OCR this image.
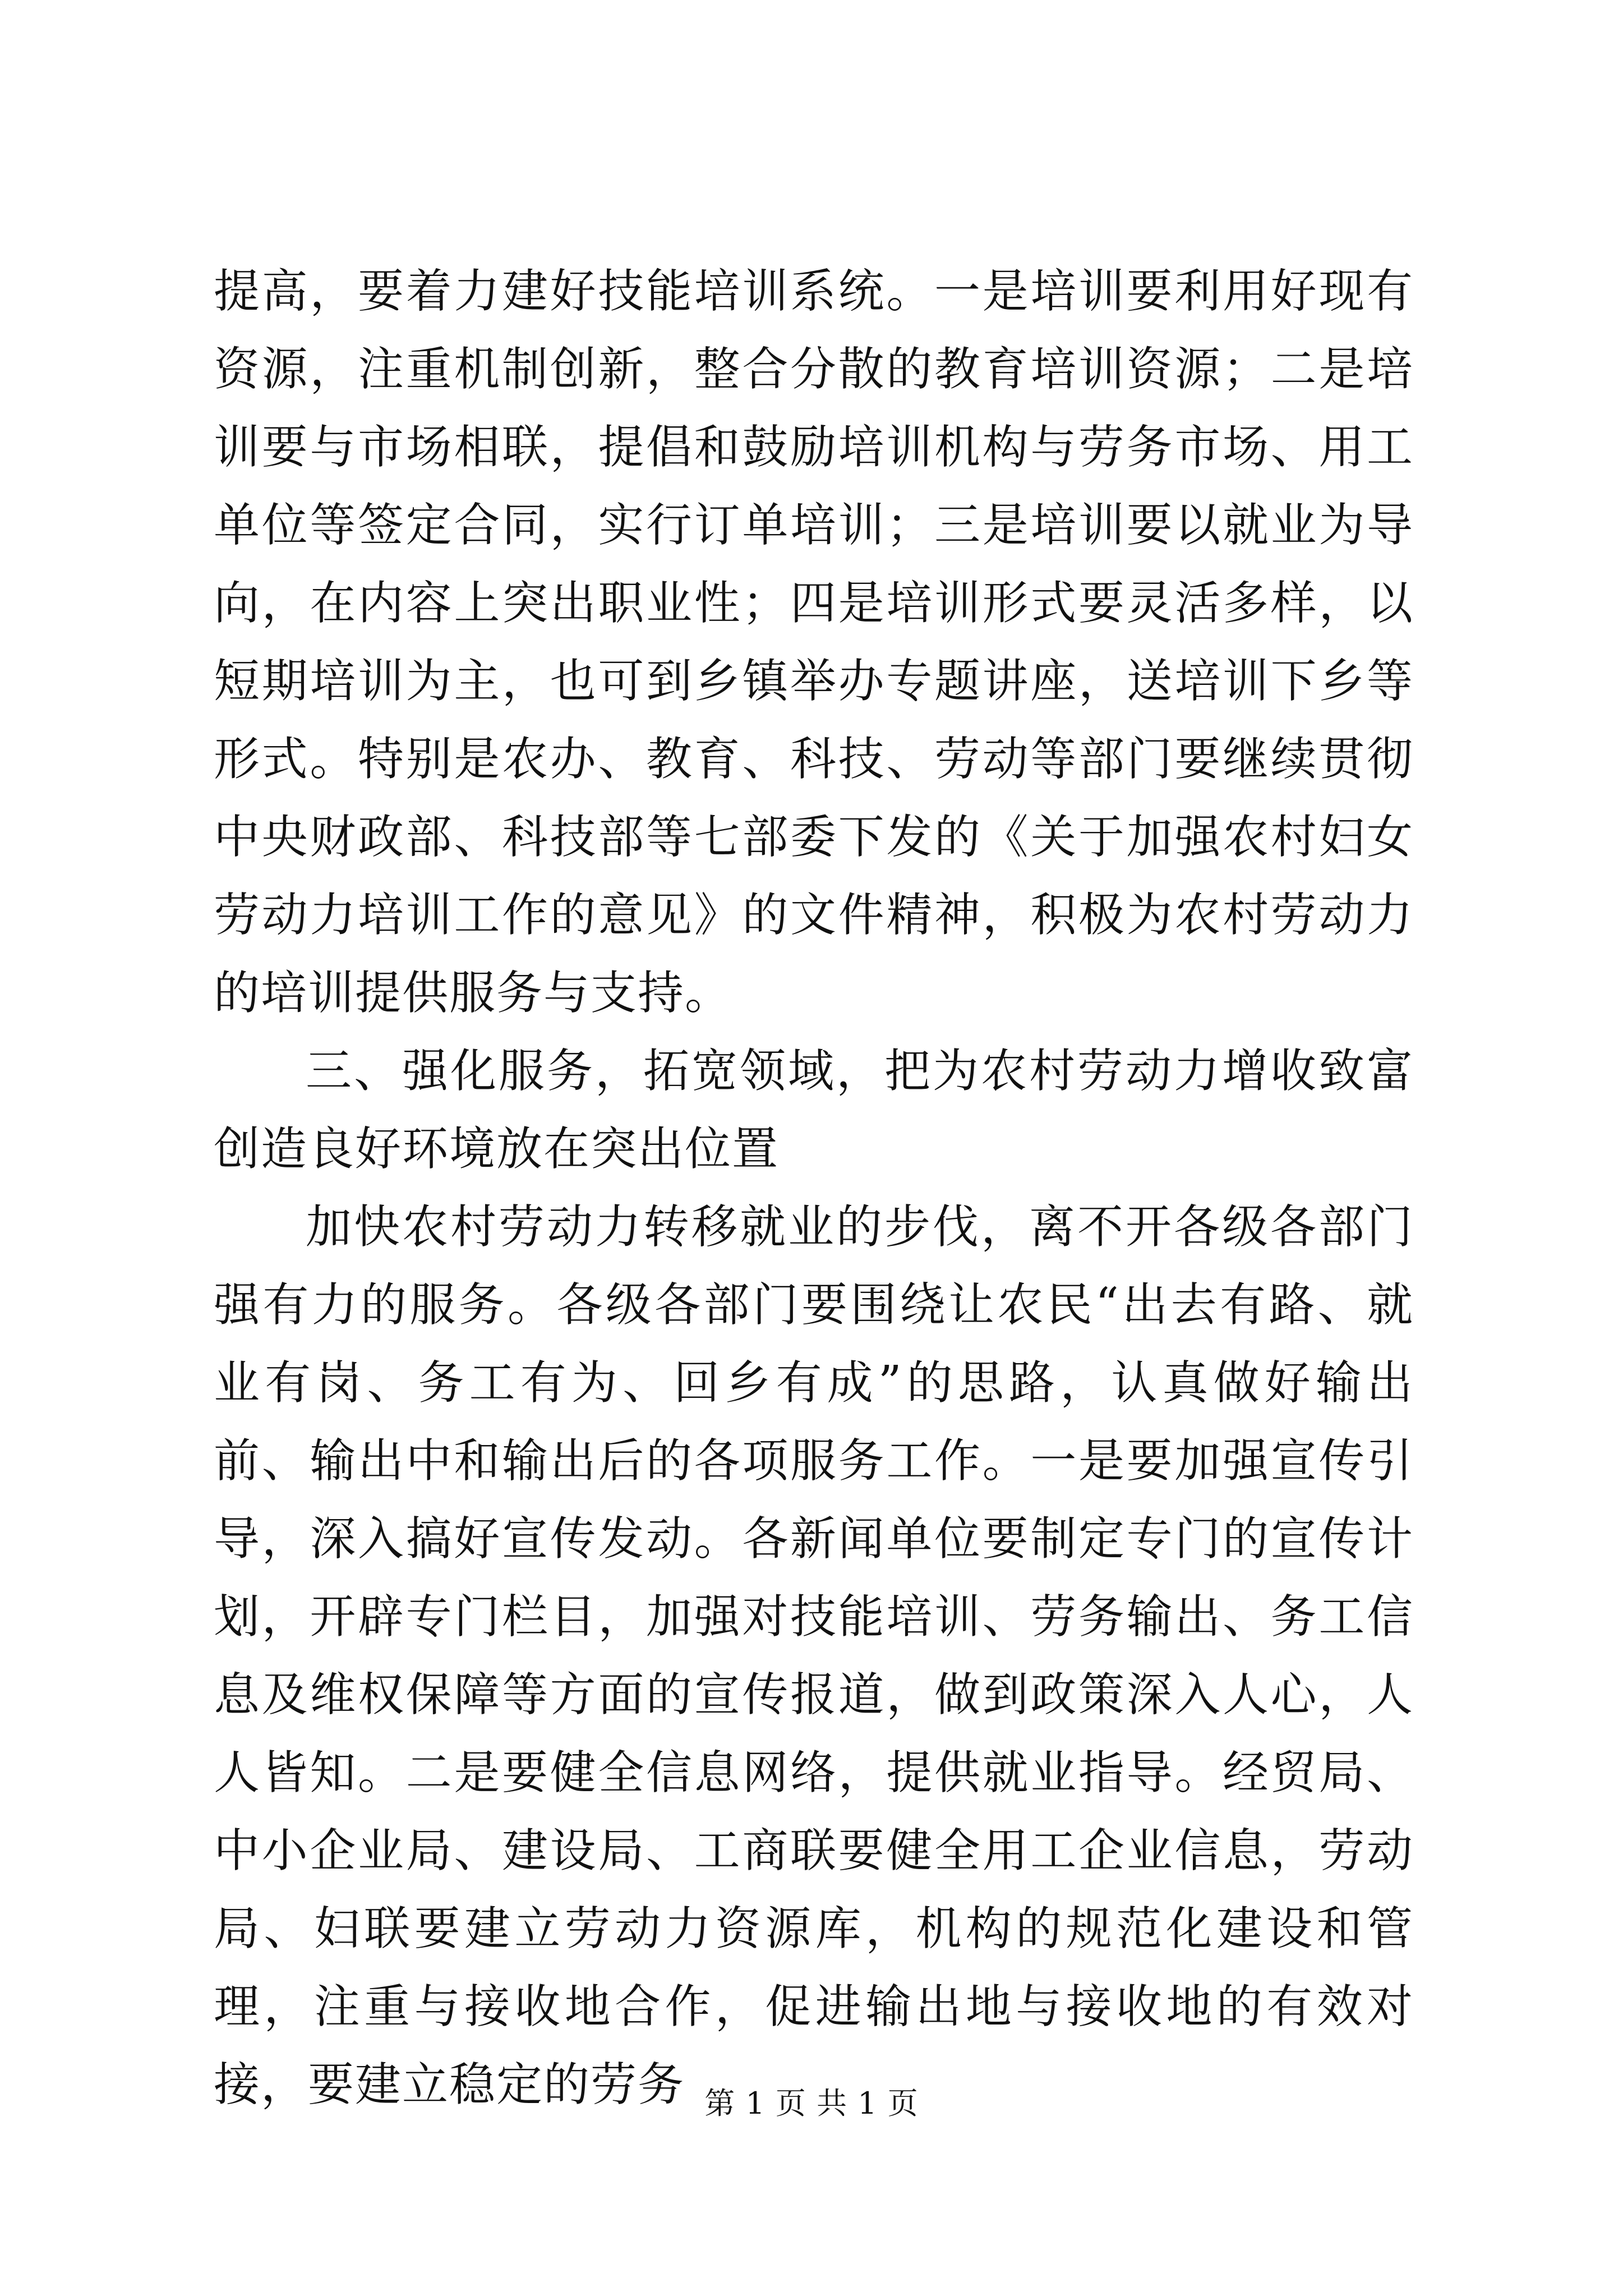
提高，要着力建好技能培训系统。一是培训要利用好现有资源，注重机制创新，整合分散的教育培训资源；二是培训要与市场相联，提倡和鼓励培训机构与劳务市场、用工单位等签定合同，实行订单培训；三是培训要以就业为导向，在内容上突出职业性；四是培训形式要灵活多样，以短期培训为主，也可到乡镇举办专题讲座，送培训下乡等形式。特别是农办、教育、科技、劳动等部门要继续贯彻中央财政部、科技部等七部委下发的《关于加强农村妇女劳动力培训工作的意见》的文件精神，积极为农村劳动力的培训提供服务与支持。

三、强化服务，拓宽领域，把为农村劳动力增收致富创造良好环境放在突出位置

加快农村劳动力转移就业的步伐，离不开各级各部门强有力的服务。各级各部门要围绕让农民“出去有路、就业有岗、务工有为、回乡有成”的思路，认真做好输出前、输出中和输出后的各项服务工作。一是要加强宣传引导，深入搞好宣传发动。各新闻单位要制定专门的宣传计划，开辟专门栏目，加强对技能培训、劳务输出、务工信息及维权保障等方面的宣传报道，做到政策深入人心，人人皆知。二是要健全信息网络，提供就业指导。经贸局、中小企业局、建设局、工商联要健全用工企业信息，劳动局、妇联要建立劳动力资源库，机构的规范化建设和管理，注重与接收地合作，促进输出地与接收地的有效对接，要建立稳定的劳务 第 1 页 共 1 页
